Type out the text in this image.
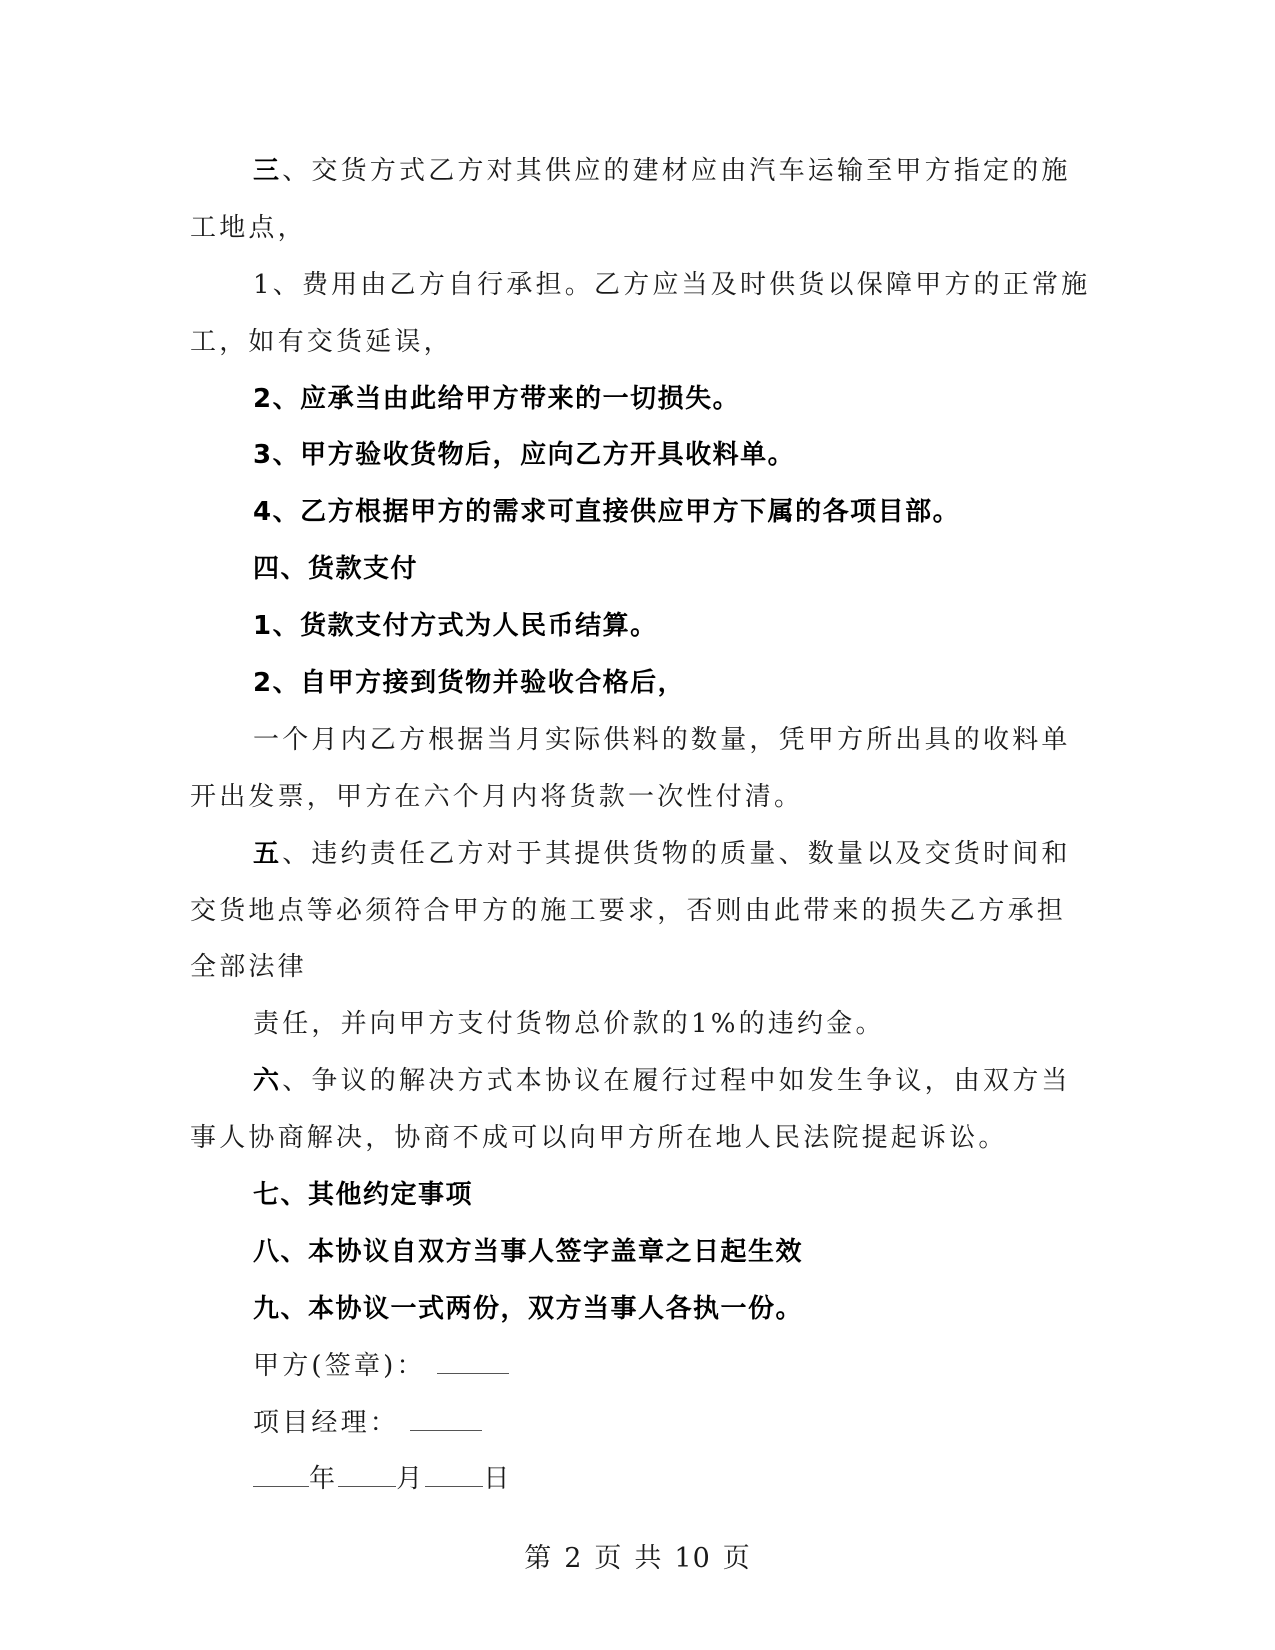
三、交货方式乙方对其供应的建材应由汽车运输至甲方指定的施
工地点，
1、费用由乙方自行承担。乙方应当及时供货以保障甲方的正常施
工，如有交货延误，
2、应承当由此给甲方带来的一切损失。
3、甲方验收货物后，应向乙方开具收料单。
4、乙方根据甲方的需求可直接供应甲方下属的各项目部。
四、货款支付
1、货款支付方式为人民币结算。
2、自甲方接到货物并验收合格后，
一个月内乙方根据当月实际供料的数量，凭甲方所出具的收料单
开出发票，甲方在六个月内将货款一次性付清。
五、违约责任乙方对于其提供货物的质量、数量以及交货时间和
交货地点等必须符合甲方的施工要求，否则由此带来的损失乙方承担
全部法律
责任，并向甲方支付货物总价款的1%的违约金。
六、争议的解决方式本协议在履行过程中如发生争议，由双方当
事人协商解决，协商不成可以向甲方所在地人民法院提起诉讼。
七、其他约定事项
八、本协议自双方当事人签字盖章之日起生效
九、本协议一式两份，双方当事人各执一份。
甲方(签章)：
项目经理：
年 月 日
第 2 页 共 10 页
